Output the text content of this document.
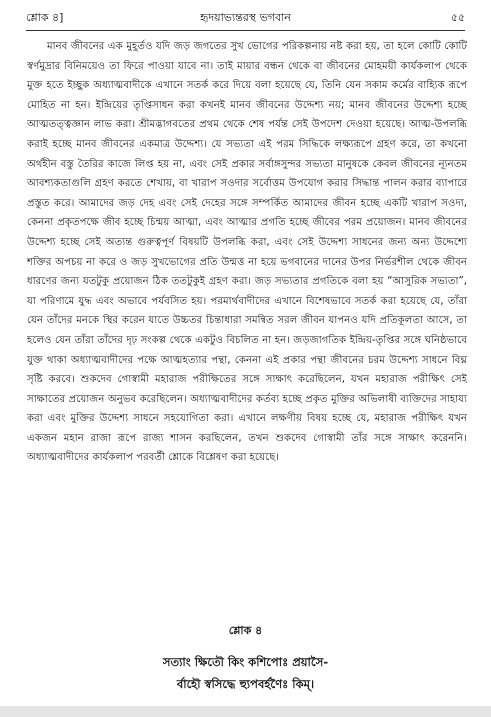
শ্লোক ৪]	হৃদয়াভ্যন্তরস্থ ভগবান	৫৫

মানব জীবনের এক মুহূর্তও যদি জড় জগতের সুখ ভোগের পরিকল্পনায় নষ্ট করা হয়, তা হলে কোটি কোটি স্বর্ণমুদ্রার বিনিময়েও তা ফিরে পাওয়া যাবে না। তাই মায়ার বন্ধন থেকে বা জীবনের মোহময়ী কার্যকলাপ থেকে মুক্ত হতে ইচ্ছুক অধ্যাত্মবাদীকে এখানে সতর্ক করে দিয়ে বলা হয়েছে যে, তিনি যেন সকাম কর্মের বাহ্যিক রূপে মোহিত না হন। ইন্দ্রিয়ের তৃপ্তিসাধন করা কখনই মানব জীবনের উদ্দেশ্য নয়; মানব জীবনের উদ্দেশ্য হচ্ছে আত্মতত্ত্বজ্ঞান লাভ করা। শ্রীমদ্ভাগবতের প্রথম থেকে শেষ পর্যন্ত সেই উপদেশ দেওয়া হয়েছে। আত্ম-উপলব্ধি করাই হচ্ছে মানব জীবনের একমাত্র উদ্দেশ্য। যে সভ্যতা এই পরম সিদ্ধিকে লক্ষ্যরূপে গ্রহণ করে, তা কখনো অর্থহীন বস্তু তৈরির কাজে লিপ্ত হয় না, এবং সেই প্রকার সর্বাঙ্গসুন্দর সভ্যতা মানুষকে কেবল জীবনের ন্যূনতম আবশ্যকতাগুলি গ্রহণ করতে শেখায়, বা খারাপ সওদার সর্বোত্তম উপযোগ করার সিদ্ধান্ত পালন করার ব্যাপারে প্রস্তুত করে। আমাদের জড় দেহ এবং সেই দেহের সঙ্গে সম্পর্কিত আমাদের জীবন হচ্ছে একটি খারাপ সওদা, কেননা প্রকৃতপক্ষে জীব হচ্ছে চিন্ময় আত্মা, এবং আত্মার প্রগতি হচ্ছে জীবের পরম প্রয়োজন। মানব জীবনের উদ্দেশ্য হচ্ছে সেই অত্যন্ত গুরুত্বপূর্ণ বিষয়টি উপলব্ধি করা, এবং সেই উদ্দেশ্য সাধনের জন্য অন্য উদ্দেশ্যে শক্তির অপচয় না করে ও জড় সুখভোগের প্রতি উন্মত্ত না হয়ে ভগবানের দানের উপর নির্ভরশীল থেকে জীবন ধারণের জন্য যতটুকু প্রয়োজন ঠিক ততটুকুই গ্রহণ করা। জড় সভ্যতার প্রগতিকে বলা হয় “আসুরিক সভ্যতা”, যা পরিণামে যুদ্ধ এবং অভাবে পর্যবসিত হয়। পরমার্থবাদীদের এখানে বিশেষভাবে সতর্ক করা হয়েছে যে, তাঁরা যেন তাঁদের মনকে স্থির করেন যাতে উচ্চতর চিন্তাধারা সমন্বিত সরল জীবন যাপনও যদি প্রতিকূলতা আসে, তা হলেও যেন তাঁরা তাঁদের দৃঢ় সংকল্প থেকে একটুও বিচলিত না হন। জড়জাগতিক ইন্দ্রিয়-তৃপ্তির সঙ্গে ঘনিষ্ঠভাবে যুক্ত থাকা অধ্যাত্মবাদীদের পক্ষে আত্মহত্যার পন্থা, কেননা এই প্রকার পন্থা জীবনের চরম উদ্দেশ্য সাধনে বিঘ্ন সৃষ্টি করবে। শুকদেব গোস্বামী মহারাজ পরীক্ষিতের সঙ্গে সাক্ষাৎ করেছিলেন, যখন মহারাজ পরীক্ষিৎ সেই সাক্ষাতের প্রয়োজন অনুভব করেছিলেন। অধ্যাত্মবাদীদের কর্তব্য হচ্ছে প্রকৃত মুক্তির অভিলাষী ব্যক্তিদের সাহায্য করা এবং মুক্তির উদ্দেশ্য সাধনে সহযোগিতা করা। এখানে লক্ষণীয় বিষয় হচ্ছে যে, মহারাজ পরীক্ষিৎ যখন একজন মহান রাজা রূপে রাজ্য শাসন করছিলেন, তখন শুকদেব গোস্বামী তাঁর সঙ্গে সাক্ষাৎ করেননি। অধ্যাত্মবাদীদের কার্যকলাপ পরবর্তী শ্লোকে বিশ্লেষণ করা হয়েছে।

শ্লোক ৪
সত্যাং ক্ষিতৌ কিং কশিপোঃ প্রয়াসৈ-
র্বাহৌ স্বসিদ্ধে হ্যুপবর্হণৈঃ কিম্।
